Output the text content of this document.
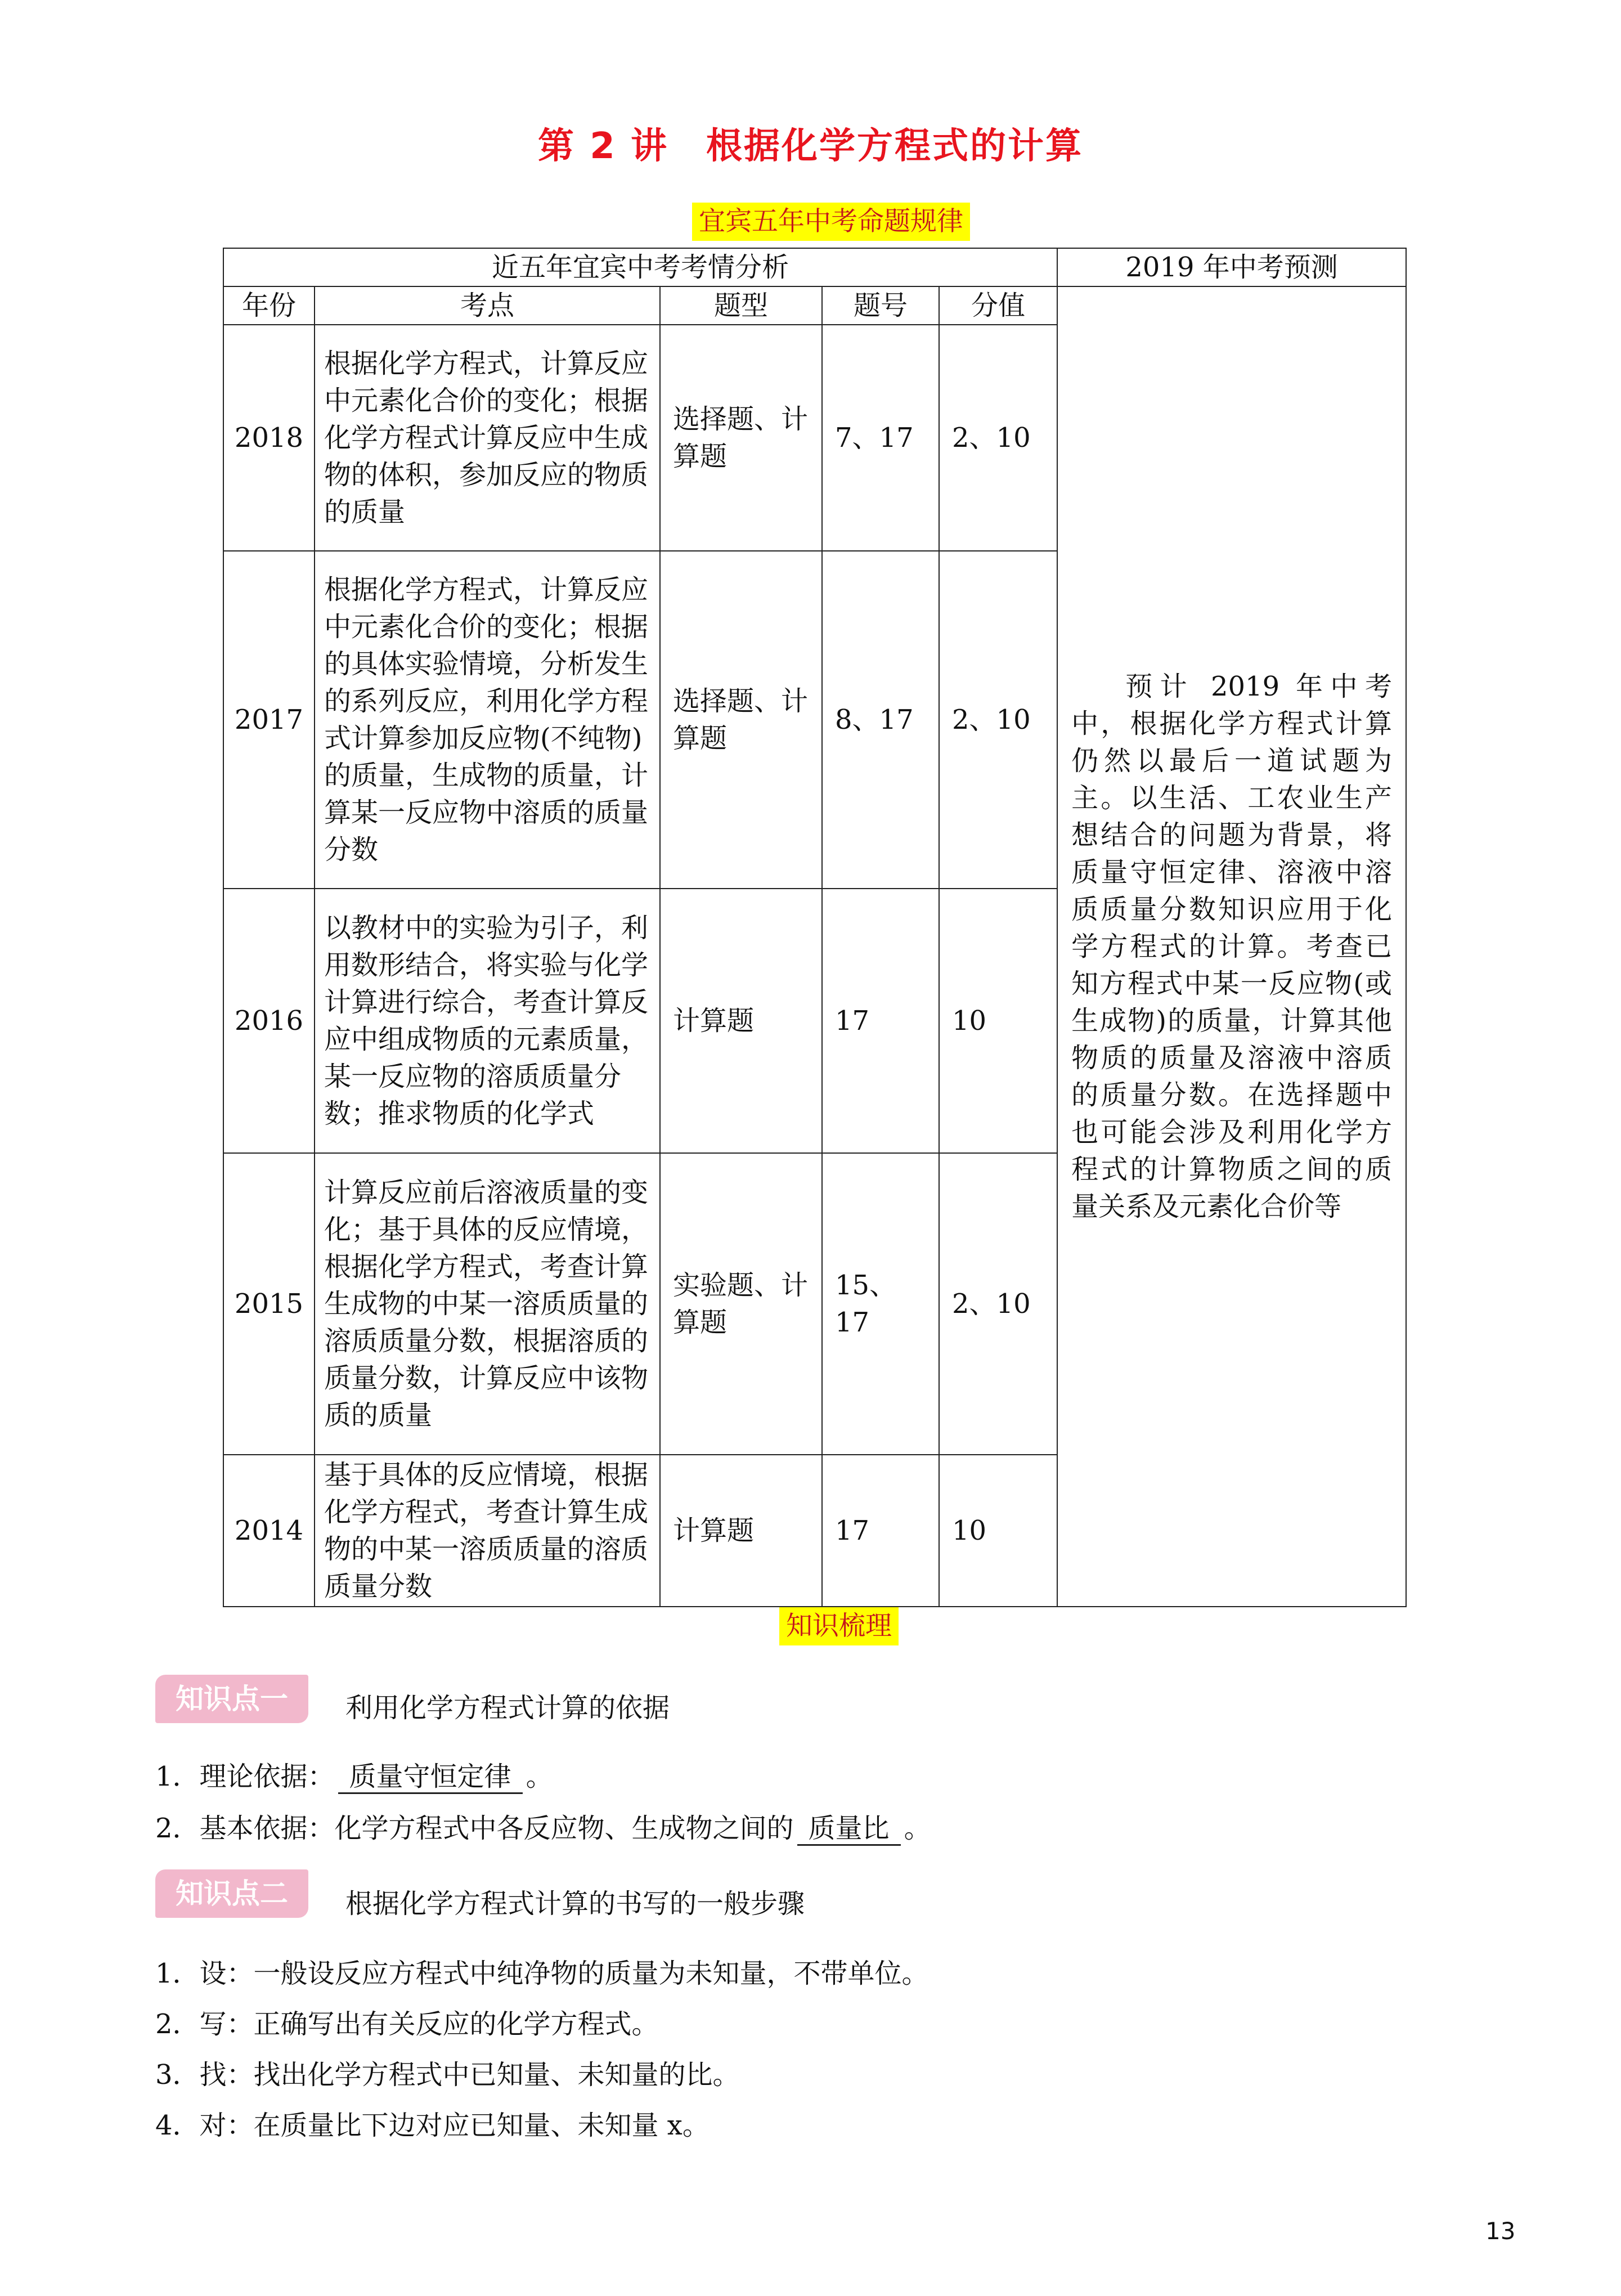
第 2 讲　根据化学方程式的计算
宜宾五年中考命题规律
近五年宜宾中考考情分析					2019 年中考预测
年份	考点	题型	题号	分值	预计 2019 年中考中，根据化学方程式计算仍然以最后一道试题为主。以生活、工农业生产想结合的问题为背景，将质量守恒定律、溶液中溶质质量分数知识应用于化学方程式的计算。考查已知方程式中某一反应物(或生成物)的质量，计算其他物质的质量及溶液中溶质的质量分数。在选择题中也可能会涉及利用化学方程式的计算物质之间的质量关系及元素化合价等

2018	根据化学方程式，计算反应中元素化合价的变化；根据化学方程式计算反应中生成物的体积，参加反应的物质的质量	选择题、计算题	7、17	2、10	
2017	根据化学方程式，计算反应中元素化合价的变化；根据的具体实验情境，分析发生的系列反应，利用化学方程式计算参加反应物(不纯物)的质量，生成物的质量，计算某一反应物中溶质的质量分数	选择题、计算题	8、17	2、10	
2016	以教材中的实验为引子，利用数形结合，将实验与化学计算进行综合，考查计算反应中组成物质的元素质量，某一反应物的溶质质量分数；推求物质的化学式	计算题	17	10	
2015	计算反应前后溶液质量的变化；基于具体的反应情境，根据化学方程式，考查计算生成物的中某一溶质质量的溶质质量分数，根据溶质的质量分数，计算反应中该物质的质量	实验题、计算题	15、17	2、10	
2014	基于具体的反应情境，根据化学方程式，考查计算生成物的中某一溶质质量的溶质质量分数	计算题	17	10	
知识梳理
知识点一	利用化学方程式计算的依据
1．理论依据： 质量守恒定律 。
2．基本依据：化学方程式中各反应物、生成物之间的 质量比 。
知识点二	根据化学方程式计算的书写的一般步骤
1．设：一般设反应方程式中纯净物的质量为未知量，不带单位。
2．写：正确写出有关反应的化学方程式。
3．找：找出化学方程式中已知量、未知量的比。
4．对：在质量比下边对应已知量、未知量 x。
13
